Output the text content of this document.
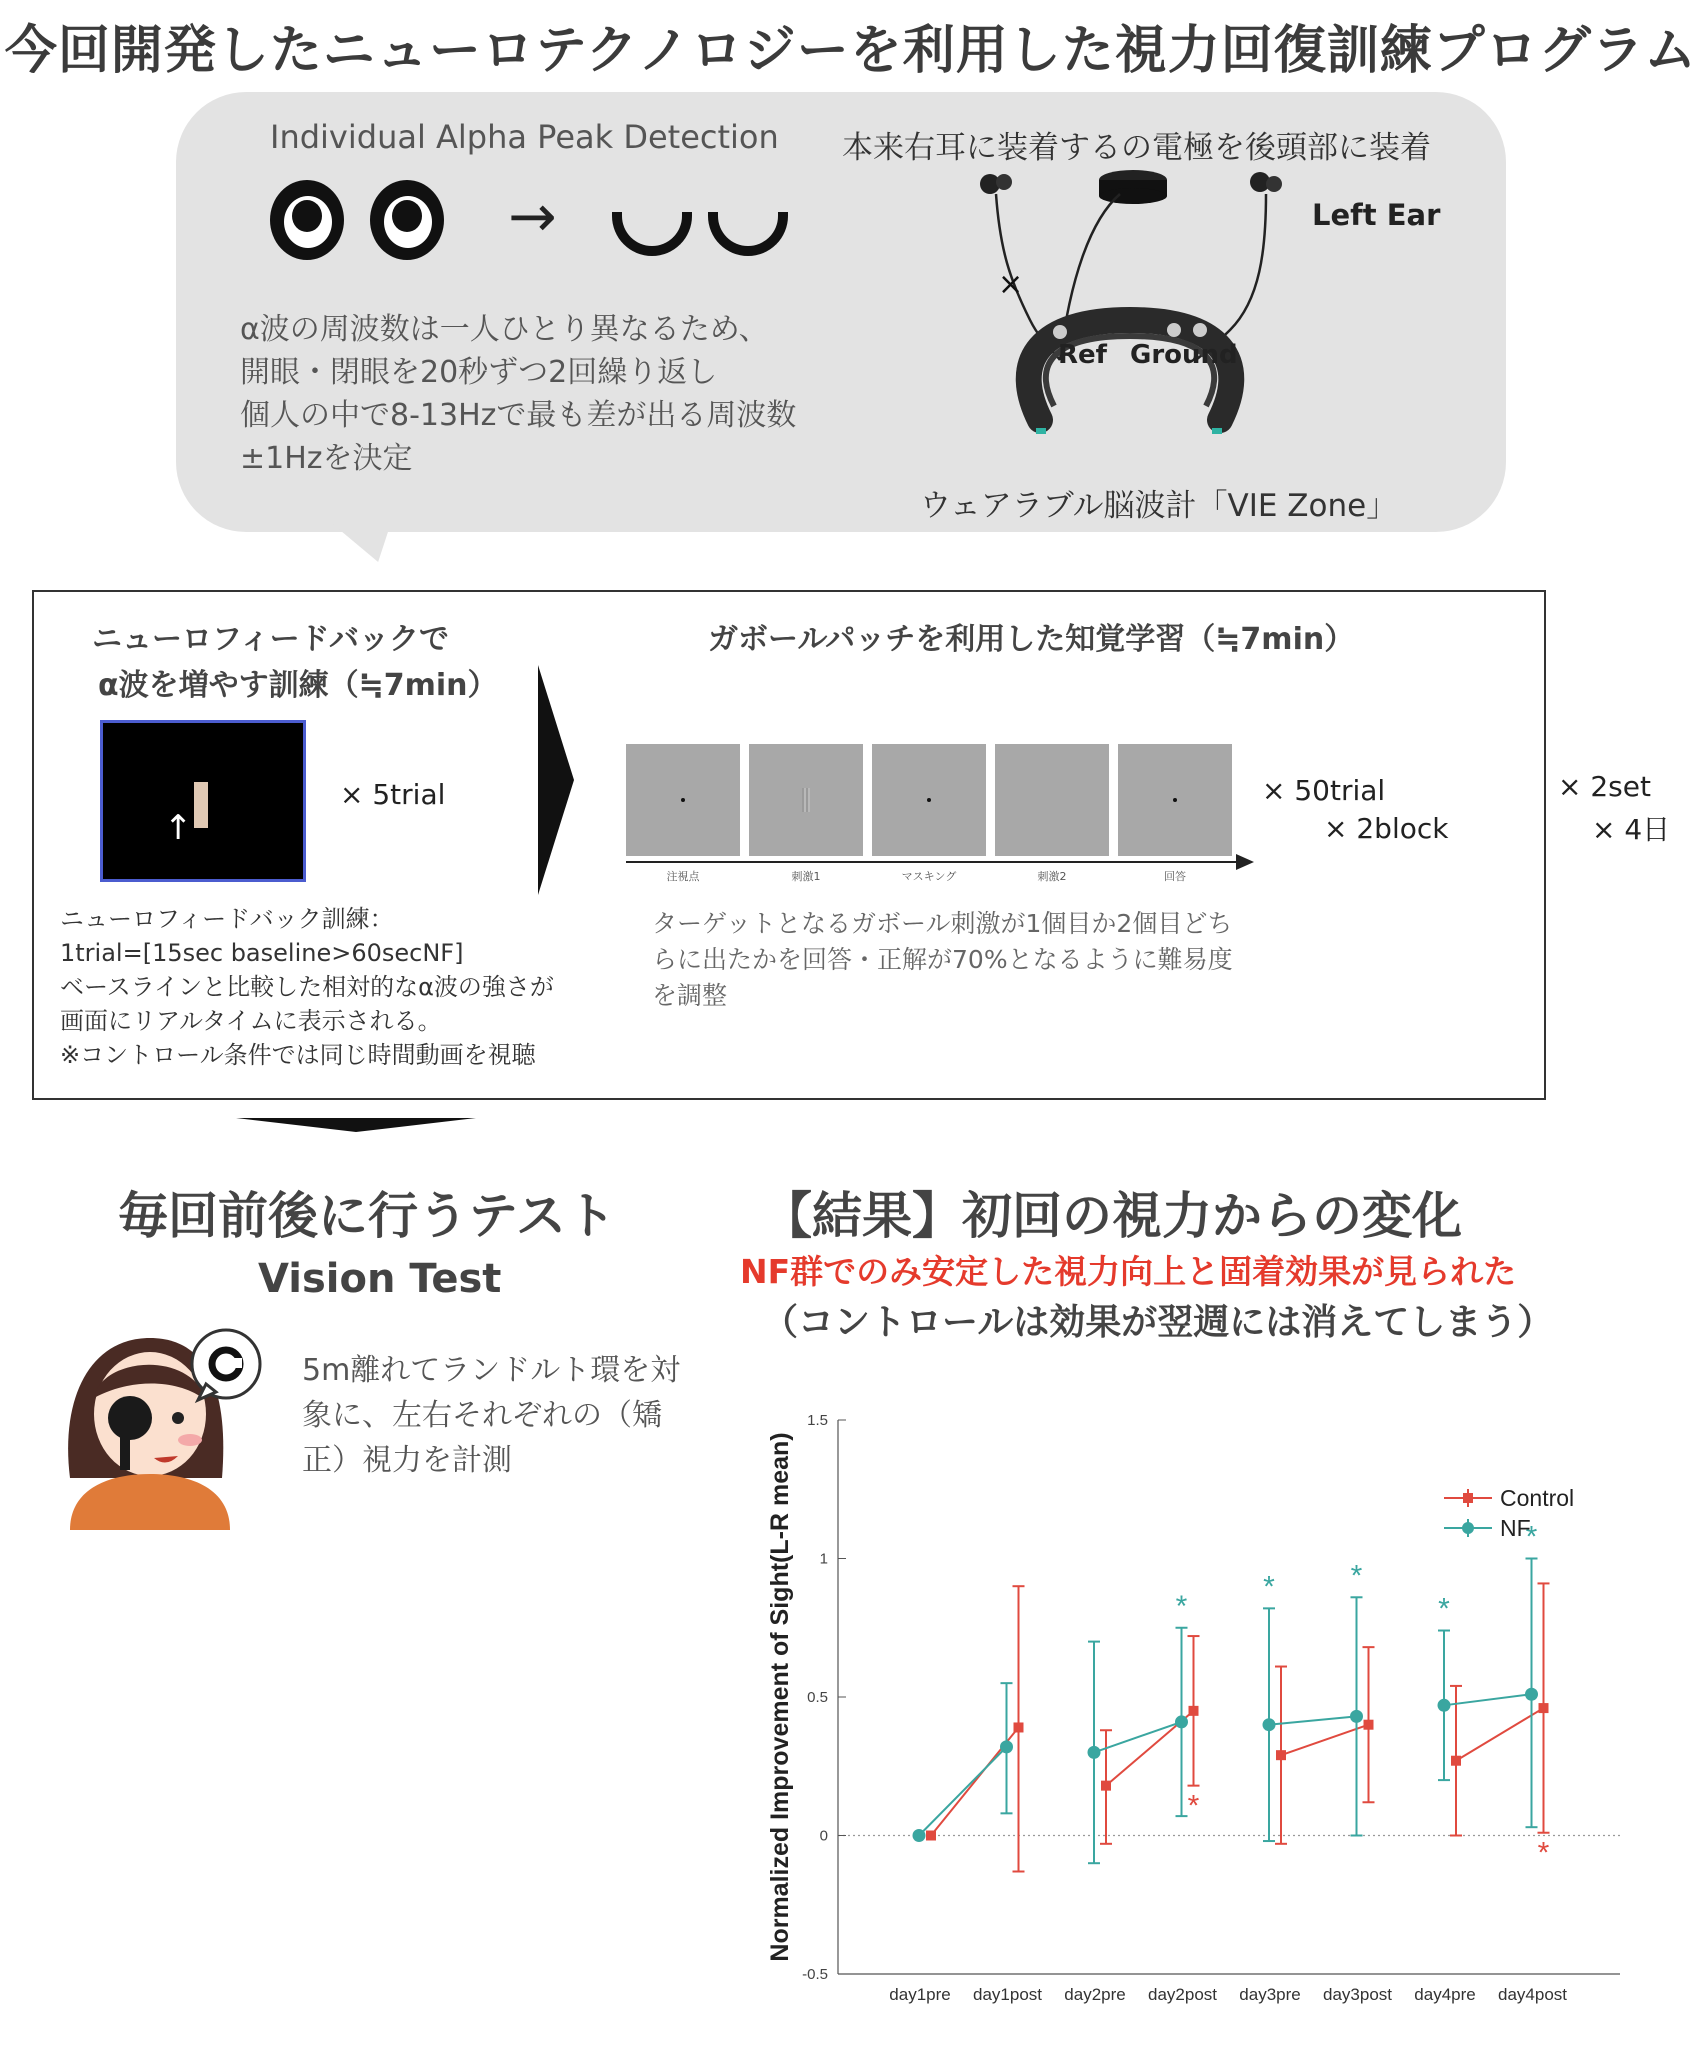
今回開発したニューロテクノロジーを利用した視力回復訓練プログラム
Individual Alpha Peak Detection
→
α波の周波数は一人ひとり異なるため、
開眼・閉眼を20秒ずつ2回繰り返し
個人の中で8-13Hzで最も差が出る周波数
±1Hzを決定
本来右耳に装着するの電極を後頭部に装着
×
Left Ear
Ref Ground
ウェアラブル脳波計「VIE Zone」
ニューロフィードバックで
α波を増やす訓練（≒7min）
↑
× 5trial
ニューロフィードバック訓練：
1trial=[15sec baseline>60secNF]
ベースラインと比較した相対的なα波の強さが
画面にリアルタイムに表示される。
※コントロール条件では同じ時間動画を視聴
ガボールパッチを利用した知覚学習（≒7min）
注視点	刺激1	マスキング	刺激2	回答
× 50trial
× 2block
× 2set
× 4日
ターゲットとなるガボール刺激が1個目か2個目どち
らに出たかを回答・正解が70%となるように難易度
を調整
毎回前後に行うテスト
Vision Test
5m離れてランドルト環を対
象に、左右それぞれの（矯
正）視力を計測
【結果】初回の視力からの変化
NF群でのみ安定した視力向上と固着効果が見られた
（コントロールは効果が翌週には消えてしまう）
-0.5
0
0.5
1
1.5
day1pre day1post day2pre day2post day3pre day3post day4pre day4post
Normalized Improvement of Sight(L-R mean)	*
*
*
*	*
*
*
Control
NF
